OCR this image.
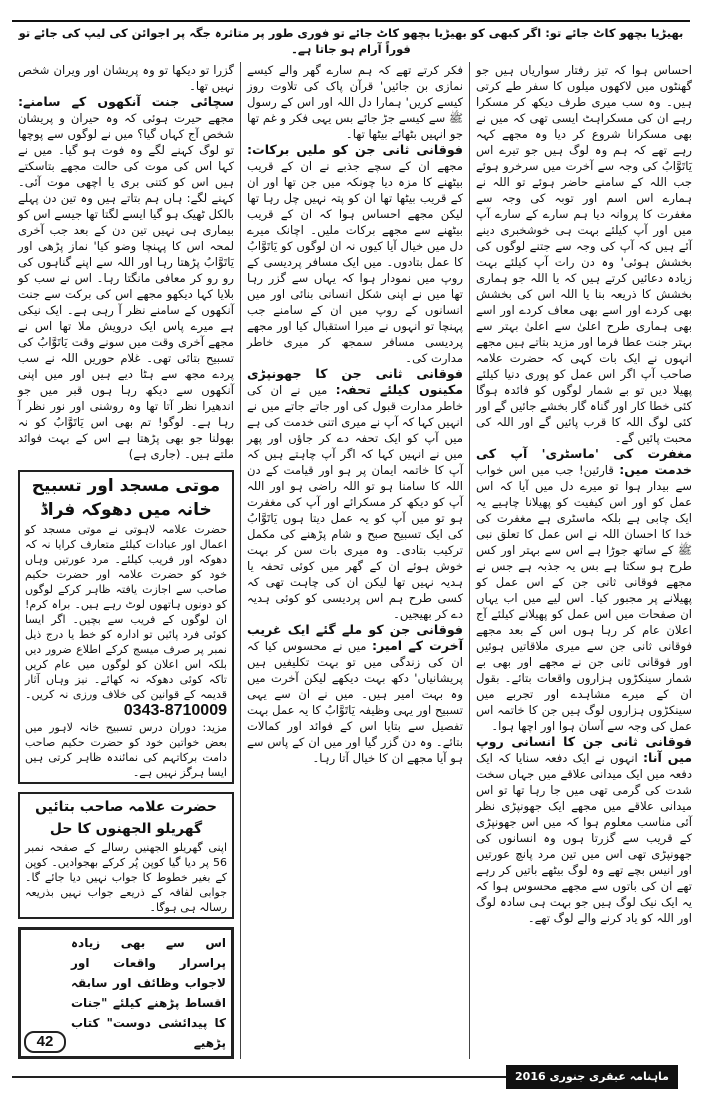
بھیڑیا بچھو کاٹ جائے تو: اگر کبھی کو بھیڑیا بچھو کاٹ جائے تو فوری طور پر متاثرہ جگہ پر اجوائن کی لیپ کی جائے تو فوراً آرام ہو جاتا ہے۔

احساس ہوا کہ تیز رفتار سواریاں ہیں جو گھنٹوں میں لاکھوں میلوں کا سفر طے کرتی ہیں۔ وہ سب میری طرف دیکھ کر مسکرا رہے ان کی مسکراہٹ ایسی تھی کہ میں نے بھی مسکرانا شروع کر دیا وہ مجھے کہہ رہے تھے کہ ہم وہ لوگ ہیں جو تیرے اس یَاتَوَّابُ کی وجہ سے آخرت میں سرخرو ہوئے جب اللہ کے سامنے حاضر ہوئے تو اللہ نے ہمارے اس اسم اور توبہ کی وجہ سے مغفرت کا پروانہ دیا ہم سارے کے سارے آپ میں اور آپ کیلئے بہت ہی خوشخبری دینے آئے ہیں کہ آپ کی وجہ سے جتنے لوگوں کی بخشش ہوئی' وہ دن رات آپ کیلئے بہت زیادہ دعائیں کرتے ہیں کہ یا اللہ جو ہماری بخشش کا ذریعہ بنا یا اللہ اس کی بخشش بھی کردے اور اسے بھی معاف کردے اور اسے بھی ہماری طرح اعلیٰ سے اعلیٰ بہتر سے بہتر جنت عطا فرما اور مزید بتاتے ہیں مجھے انہوں نے ایک بات کہی کہ حضرت علامہ صاحب آپ اگر اس عمل کو پوری دنیا کیلئے پھیلا دیں تو بے شمار لوگوں کو فائدہ ہوگا کئی خطا کار اور گناہ گار بخشے جائیں گے اور کئی لوگ اللہ کا قرب پائیں گے اور اللہ کی محبت پائیں گے۔

مغفرت کی 'ماسٹری' آپ کی خدمت میں: قارئین! جب میں اس خواب سے بیدار ہوا تو میرے دل میں آیا کہ اس عمل کو اور اس کیفیت کو پھیلانا چاہیے یہ ایک چابی ہے بلکہ ماسٹری ہے مغفرت کی خدا کا احسان اللہ نے اس عمل کا تعلق نبی ﷺ کے ساتھ جوڑا ہے اس سے بہتر اور کس طرح ہو سکتا ہے بس یہ جذبہ ہے جس نے مجھے فوقانی ثانی جن کے اس عمل کو پھیلانے پر مجبور کیا۔ اس لیے میں اب یہاں ان صفحات میں اس عمل کو پھیلانے کیلئے آج اعلان عام کر رہا ہوں اس کے بعد مجھے فوقانی ثانی جن سے میری ملاقاتیں ہوئیں اور فوقانی ثانی جن نے مجھے اور بھی بے شمار سینکڑوں ہزاروں واقعات بتائے۔ بقول ان کے میرے مشاہدے اور تجربے میں سینکڑوں ہزاروں لوگ ہیں جن کا خاتمہ اس عمل کی وجہ سے آسان ہوا اور اچھا ہوا۔

فوقانی ثانی جن کا انسانی روپ میں آنا: انہوں نے ایک دفعہ سنایا کہ ایک دفعہ میں ایک میدانی علاقے میں جہاں سخت شدت کی گرمی تھی میں جا رہا تھا تو اس میدانی علاقے میں مجھے ایک جھونپڑی نظر آئی مناسب معلوم ہوا کہ میں اس جھونپڑی کے قریب سے گزرتا ہوں وہ انسانوں کی جھونپڑی تھی اس میں تین مرد پانچ عورتیں اور انیس بچے تھے وہ لوگ بیٹھے باتیں کر رہے تھے ان کی باتوں سے مجھے محسوس ہوا کہ یہ ایک نیک لوگ ہیں جو بہت ہی سادہ لوگ اور اللہ کو یاد کرنے والے لوگ تھے۔

فکر کرتے تھے کہ ہم سارے گھر والے کیسے نمازی بن جائیں' قرآن پاک کی تلاوت روز کیسے کریں' ہمارا دل اللہ اور اس کے رسول ﷺ سے کیسے جڑ جائے بس یہی فکر و غم تھا جو انہیں بٹھائے بیٹھا تھا۔

فوقانی ثانی جن کو ملیں برکات: مجھے ان کے سچے جذبے نے ان کے قریب بیٹھنے کا مزہ دیا چونکہ میں جن تھا اور ان کے قریب بیٹھا تھا ان کو پتہ نہیں چل رہا تھا لیکن مجھے احساس ہوا کہ ان کے قریب بیٹھنے سے مجھے برکات ملیں۔ اچانک میرے دل میں خیال آیا کیوں نہ ان لوگوں کو یَاتَوَّابُ کا عمل بتادوں۔ میں ایک مسافر پردیسی کے روپ میں نمودار ہوا کہ یہاں سے گزر رہا تھا میں نے اپنی شکل انسانی بنائی اور میں انسانوں کے روپ میں ان کے سامنے جب پہنچا تو انہوں نے میرا استقبال کیا اور مجھے پردیسی مسافر سمجھ کر میری خاطر مدارت کی۔

فوقانی ثانی جن کا جھونپڑی مکینوں کیلئے تحفہ: میں نے ان کی خاطر مدارت قبول کی اور جاتے جاتے میں نے انہیں کہا کہ آپ نے میری اتنی خدمت کی ہے میں آپ کو ایک تحفہ دے کر جاؤں اور پھر میں نے انہیں کہا کہ اگر آپ چاہتے ہیں کہ آپ کا خاتمہ ایمان پر ہو اور قیامت کے دن اللہ کا سامنا ہو تو اللہ راضی ہو اور اللہ آپ کو دیکھ کر مسکرائے اور آپ کی مغفرت ہو تو میں آپ کو یہ عمل دیتا ہوں یَاتَوَّابُ کی ایک تسبیح صبح و شام پڑھنے کی مکمل ترکیب بتادی۔ وہ میری بات سن کر بہت خوش ہوئے ان کے گھر میں کوئی تحفہ یا ہدیہ نہیں تھا لیکن ان کی چاہت تھی کہ کسی طرح ہم اس پردیسی کو کوئی ہدیہ دے کر بھیجیں۔

فوقانی جن کو ملے گئے ایک غریب آخرت کے امیر: میں نے محسوس کیا کہ ان کی زندگی میں تو بہت تکلیفیں ہیں پریشانیاں' دکھ بہت دیکھے لیکن آخرت میں وہ بہت امیر ہیں۔ میں نے ان سے یہی تسبیح اور یہی وظیفہ یَاتَوَّابُ کا یہ عمل بہت تفصیل سے بتایا اس کے فوائد اور کمالات بتائے۔ وہ دن گزر گیا اور میں ان کے پاس سے ہو آیا مجھے ان کا خیال آتا رہا۔

گزرا تو دیکھا تو وہ پریشان اور ویران شخص نہیں تھا۔

سچائی جنت آنکھوں کے سامنے: مجھے حیرت ہوئی کہ وہ حیران و پریشان شخص آج کہاں گیا؟ میں نے لوگوں سے پوچھا تو لوگ کہنے لگے وہ فوت ہو گیا۔ میں نے کہا اس کی موت کی حالت مجھے بتاسکتے ہیں اس کو کتنی بری یا اچھی موت آئی۔ کہنے لگے: ہاں ہم بتاتے ہیں وہ تین دن پہلے بالکل ٹھیک ہو گیا ایسے لگتا تھا جیسے اس کو بیماری ہی نہیں تین دن کے بعد جب آخری لمحہ اس کا پہنچا وضو کیا' نماز پڑھی اور یَاتَوَّابُ پڑھتا رہا اور اللہ سے اپنے گناہوں کی رو رو کر معافی مانگتا رہا۔ اس نے سب کو بلایا کہا دیکھو مجھے اس کی برکت سے جنت آنکھوں کے سامنے نظر آ رہی ہے۔ ایک نیکی ہے میرے پاس ایک درویش ملا تھا اس نے مجھے آخری وقت میں سونے وقت یَاتَوَّابُ کی تسبیح بتائی تھی۔ غلام حوریں اللہ نے سب پردے مجھ سے ہٹا دیے ہیں اور میں اپنی آنکھوں سے دیکھ رہا ہوں قبر میں جو اندھیرا نظر آتا تھا وہ روشنی اور نور نظر آ رہا ہے۔ لوگو! تم بھی اس یَاتَوَّابُ کو نہ بھولنا جو بھی پڑھتا ہے اس کے بہت فوائد ملتے ہیں۔ (جاری ہے)

موتی مسجد اور تسبیح خانہ میں دھوکہ فراڈ
حضرت علامہ لاہوتی نے موتی مسجد کو اعمال اور عبادات کیلئے متعارف کرایا نہ کہ دھوکہ اور فریب کیلئے۔ مرد عورتیں وہاں خود کو حضرت علامہ اور حضرت حکیم صاحب سے اجازت یافتہ ظاہر کرکے لوگوں کو دونوں ہاتھوں لوٹ رہے ہیں۔ براہ کرم! ان لوگوں کے فریب سے بچیں۔ اگر ایسا کوئی فرد پائیں تو ادارہ کو خط یا درج ذیل نمبر پر صرف میسج کرکے اطلاع ضرور دیں بلکہ اس اعلان کو لوگوں میں عام کریں تاکہ کوئی دھوکہ نہ کھائے۔ نیز وہاں آثار قدیمہ کے قوانین کی خلاف ورزی نہ کریں۔ 0343-8710009
مزید: دوران درس تسبیح خانہ لاہور میں بعض خواتین خود کو حضرت حکیم صاحب دامت برکاتہم کی نمائندہ ظاہر کرتی ہیں ایسا ہرگز نہیں ہے۔
حضرت علامہ صاحب بتائیں گھریلو الجھنوں کا حل
اپنی گھریلو الجھنیں رسالے کے صفحہ نمبر 56 پر دیا گیا کوپن پُر کرکے بھجوادیں۔ کوپن کے بغیر خطوط کا جواب نہیں دیا جائے گا۔ جوابی لفافہ کے ذریعے جواب نہیں بذریعہ رسالہ ہی ہوگا۔
اس سے بھی زیادہ پراسرار واقعات اور لاجواب وظائف اور سابقہ اقساط پڑھنے کیلئے "جنات کا پیدائشی دوست" کتاب پڑھیے
42
ماہنامہ عبقری جنوری 2016 شمارہ نمبر 115
